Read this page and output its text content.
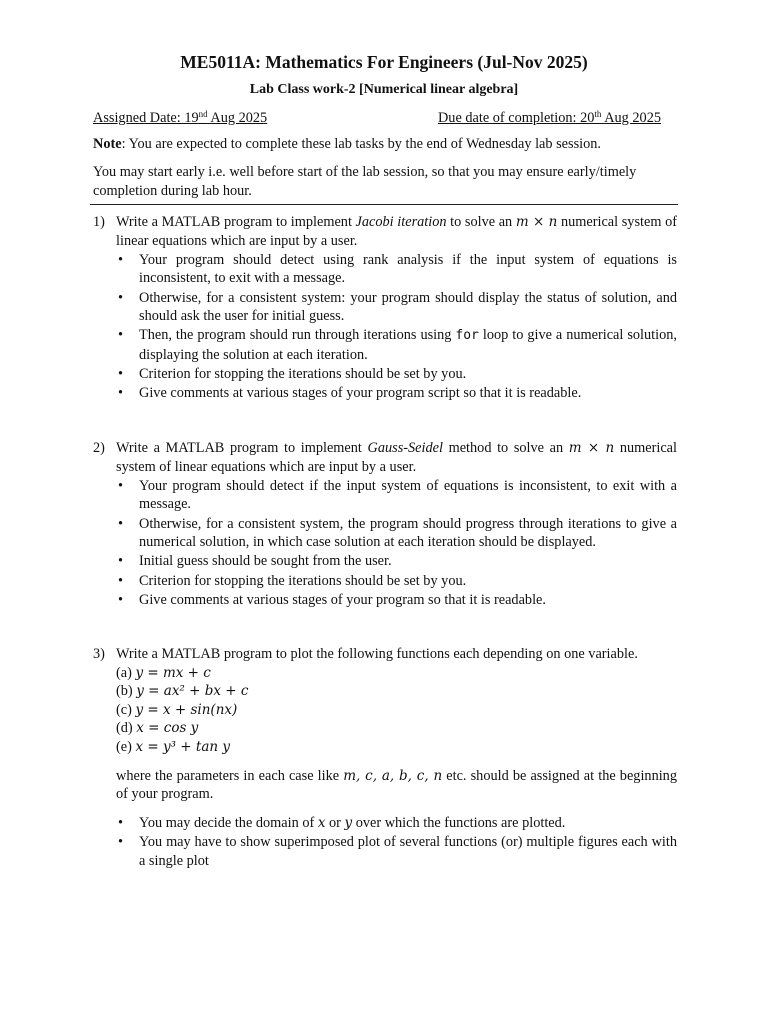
ME5011A: Mathematics For Engineers (Jul-Nov 2025)
Lab Class work-2 [Numerical linear algebra]
Assigned Date: 19nd Aug 2025	Due date of completion: 20th Aug 2025
Note: You are expected to complete these lab tasks by the end of Wednesday lab session.
You may start early i.e. well before start of the lab session, so that you may ensure early/timely completion during lab hour.
1) Write a MATLAB program to implement Jacobi iteration to solve an m × n numerical system of linear equations which are input by a user.
• Your program should detect using rank analysis if the input system of equations is inconsistent, to exit with a message.
• Otherwise, for a consistent system: your program should display the status of solution, and should ask the user for initial guess.
• Then, the program should run through iterations using for loop to give a numerical solution, displaying the solution at each iteration.
• Criterion for stopping the iterations should be set by you.
• Give comments at various stages of your program script so that it is readable.
2) Write a MATLAB program to implement Gauss-Seidel method to solve an m × n numerical system of linear equations which are input by a user.
• Your program should detect if the input system of equations is inconsistent, to exit with a message.
• Otherwise, for a consistent system, the program should progress through iterations to give a numerical solution, in which case solution at each iteration should be displayed.
• Initial guess should be sought from the user.
• Criterion for stopping the iterations should be set by you.
• Give comments at various stages of your program so that it is readable.
3) Write a MATLAB program to plot the following functions each depending on one variable.
(a) y = mx + c
(b) y = ax² + bx + c
(c) y = x + sin(nx)
(d) x = cos y
(e) x = y³ + tan y
where the parameters in each case like m, c, a, b, c, n etc. should be assigned at the beginning of your program.
• You may decide the domain of x or y over which the functions are plotted.
• You may have to show superimposed plot of several functions (or) multiple figures each with a single plot
